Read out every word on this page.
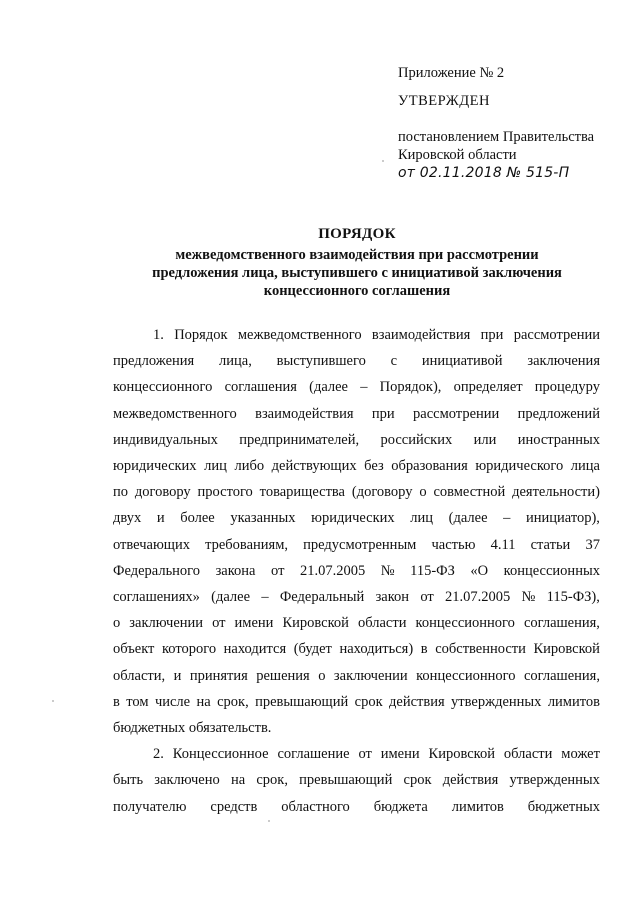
Приложение № 2

УТВЕРЖДЕН

постановлением Правительства

Кировской области

от 02.11.2018 № 515-П

ПОРЯДОК
межведомственного взаимодействия при рассмотрении
предложения лица, выступившего с инициативой заключения
концессионного соглашения
1. Порядок межведомственного взаимодействия при рассмотрении
предложения лица, выступившего с инициативой заключения
концессионного соглашения (далее – Порядок), определяет процедуру
межведомственного взаимодействия при рассмотрении предложений
индивидуальных предпринимателей, российских или иностранных
юридических лиц либо действующих без образования юридического лица
по договору простого товарищества (договору о совместной деятельности)
двух и более указанных юридических лиц (далее – инициатор),
отвечающих требованиям, предусмотренным частью 4.11 статьи 37
Федерального закона от 21.07.2005 № 115-ФЗ «О концессионных
соглашениях» (далее – Федеральный закон от 21.07.2005 № 115-ФЗ),
о заключении от имени Кировской области концессионного соглашения,
объект которого находится (будет находиться) в собственности Кировской
области, и принятия решения о заключении концессионного соглашения,
в том числе на срок, превышающий срок действия утвержденных лимитов
бюджетных обязательств.
2. Концессионное соглашение от имени Кировской области может
быть заключено на срок, превышающий срок действия утвержденных
получателю средств областного бюджета лимитов бюджетных
